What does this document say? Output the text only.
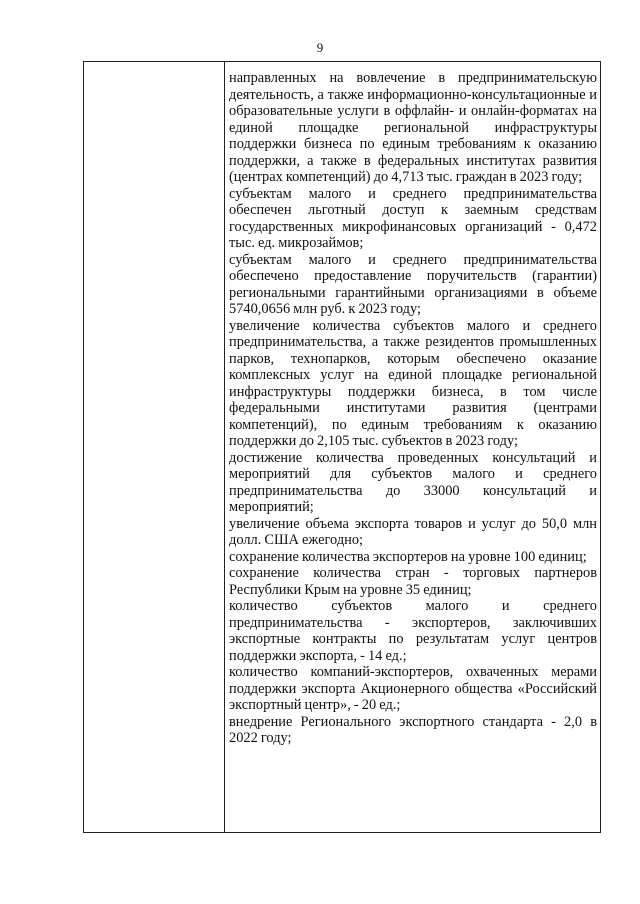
9

направленных на вовлечение в предпринимательскую деятельность, а также информационно-консультационные и образовательные услуги в оффлайн- и онлайн-форматах на единой площадке региональной инфраструктуры поддержки бизнеса по единым требованиям к оказанию поддержки, а также в федеральных институтах развития (центрах компетенций) до 4,713 тыс. граждан в 2023 году;

субъектам малого и среднего предпринимательства обеспечен льготный доступ к заемным средствам государственных микрофинансовых организаций - 0,472 тыс. ед. микрозаймов;

субъектам малого и среднего предпринимательства обеспечено предоставление поручительств (гарантии) региональными гарантийными организациями в объеме 5740,0656 млн руб. к 2023 году;

увеличение количества субъектов малого и среднего предпринимательства, а также резидентов промышленных парков, технопарков, которым обеспечено оказание комплексных услуг на единой площадке региональной инфраструктуры поддержки бизнеса, в том числе федеральными институтами развития (центрами компетенций), по единым требованиям к оказанию поддержки до 2,105 тыс. субъектов в 2023 году;

достижение количества проведенных консультаций и мероприятий для субъектов малого и среднего предпринимательства до 33000 консультаций и мероприятий;

увеличение объема экспорта товаров и услуг до 50,0 млн долл. США ежегодно;

сохранение количества экспортеров на уровне 100 единиц;

сохранение количества стран - торговых партнеров Республики Крым на уровне 35 единиц;

количество субъектов малого и среднего предпринимательства - экспортеров, заключивших экспортные контракты по результатам услуг центров поддержки экспорта, - 14 ед.;

количество компаний-экспортеров, охваченных мерами поддержки экспорта Акционерного общества «Российский экспортный центр», - 20 ед.;

внедрение Регионального экспортного стандарта - 2,0 в 2022 году;
